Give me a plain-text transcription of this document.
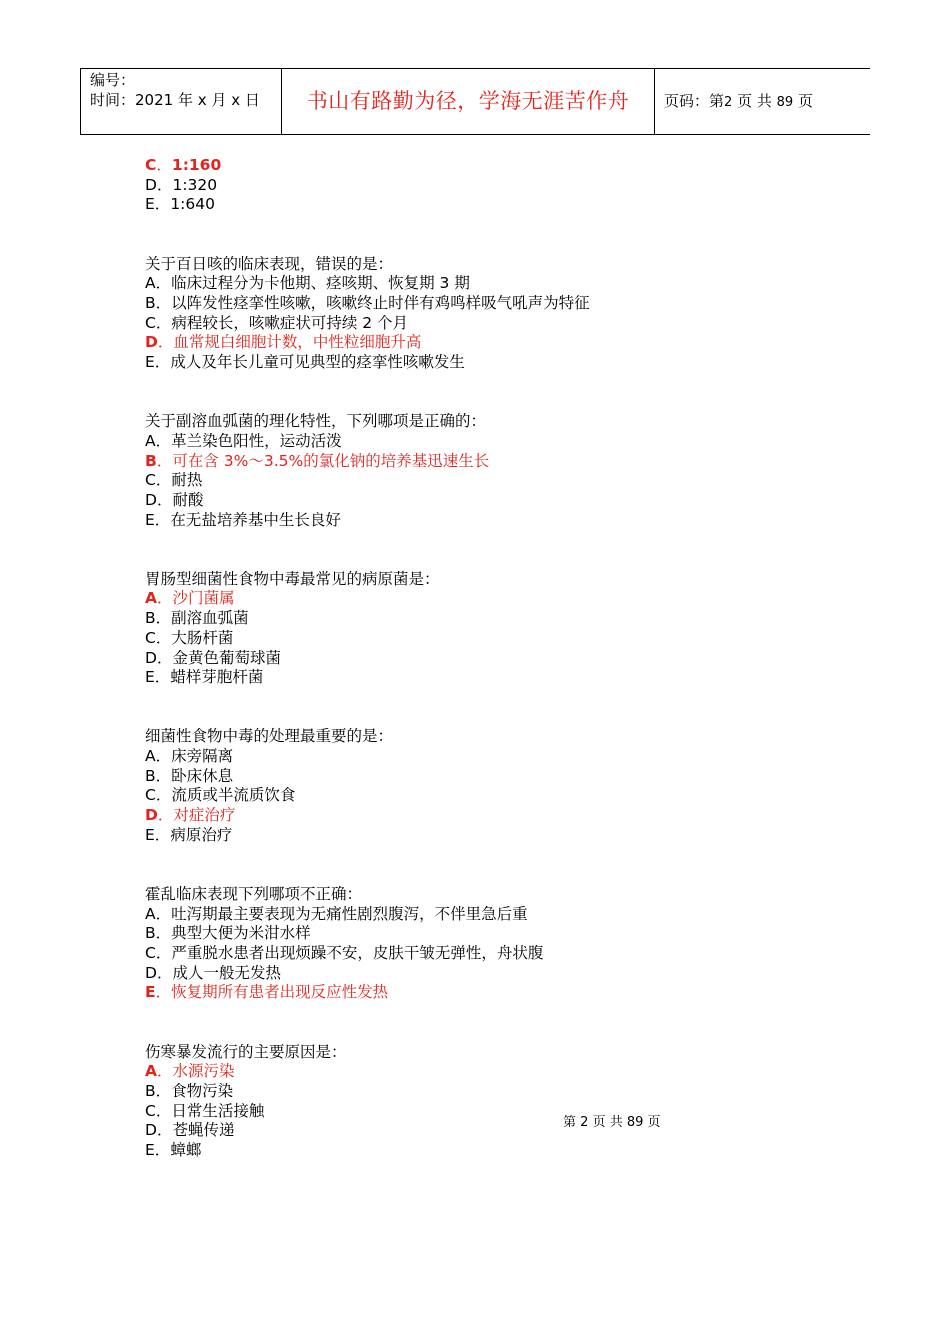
编号：
时间：2021 年 x 月 x 日	书山有路勤为径，学海无涯苦作舟	页码：第2 页 共 89 页
C．1:160
D．1:320
E．1:640
关于百日咳的临床表现，错误的是：
A．临床过程分为卡他期、痉咳期、恢复期 3 期
B．以阵发性痉挛性咳嗽，咳嗽终止时伴有鸡鸣样吸气吼声为特征
C．病程较长，咳嗽症状可持续 2 个月
D．血常规白细胞计数，中性粒细胞升高
E．成人及年长儿童可见典型的痉挛性咳嗽发生
关于副溶血弧菌的理化特性，下列哪项是正确的：
A．革兰染色阳性，运动活泼
B．可在含 3%～3.5%的氯化钠的培养基迅速生长
C．耐热
D．耐酸
E．在无盐培养基中生长良好
胃肠型细菌性食物中毒最常见的病原菌是：
A．沙门菌属
B．副溶血弧菌
C．大肠杆菌
D．金黄色葡萄球菌
E．蜡样芽胞杆菌
细菌性食物中毒的处理最重要的是：
A．床旁隔离
B．卧床休息
C．流质或半流质饮食
D．对症治疗
E．病原治疗
霍乱临床表现下列哪项不正确：
A．吐泻期最主要表现为无痛性剧烈腹泻，不伴里急后重
B．典型大便为米泔水样
C．严重脱水患者出现烦躁不安，皮肤干皱无弹性，舟状腹
D．成人一般无发热
E．恢复期所有患者出现反应性发热
伤寒暴发流行的主要原因是：
A．水源污染
B．食物污染
C．日常生活接触
D．苍蝇传递
E．蟑螂
第 2 页 共 89 页
